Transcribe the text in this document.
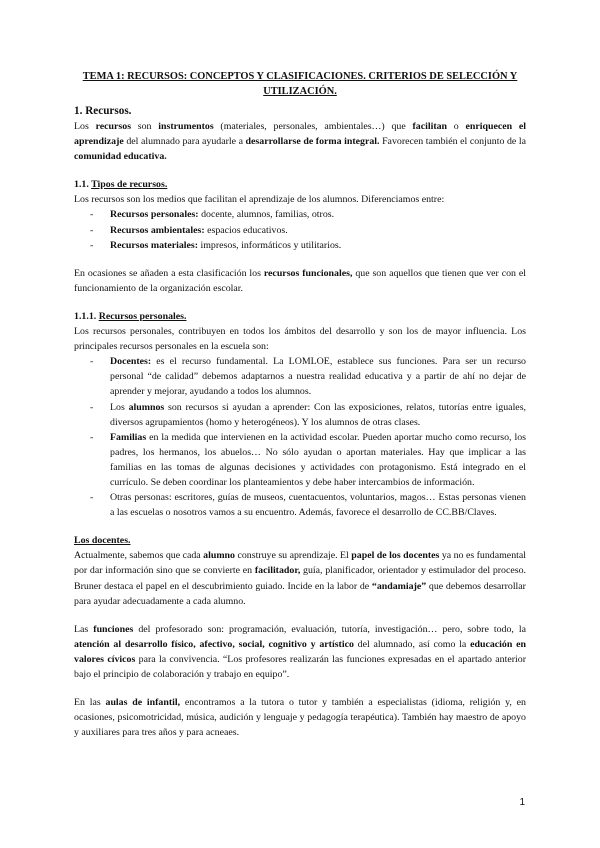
TEMA 1: RECURSOS: CONCEPTOS Y CLASIFICACIONES. CRITERIOS DE SELECCIÓN Y UTILIZACIÓN.
1. Recursos.
Los recursos son instrumentos (materiales, personales, ambientales…) que facilitan o enriquecen el aprendizaje del alumnado para ayudarle a desarrollarse de forma integral. Favorecen también el conjunto de la comunidad educativa.
1.1. Tipos de recursos.
Los recursos son los medios que facilitan el aprendizaje de los alumnos. Diferenciamos entre:
- Recursos personales: docente, alumnos, familias, otros.
- Recursos ambientales: espacios educativos.
- Recursos materiales: impresos, informáticos y utilitarios.
En ocasiones se añaden a esta clasificación los recursos funcionales, que son aquellos que tienen que ver con el funcionamiento de la organización escolar.
1.1.1. Recursos personales.
Los recursos personales, contribuyen en todos los ámbitos del desarrollo y son los de mayor influencia. Los principales recursos personales en la escuela son:
- Docentes: es el recurso fundamental. La LOMLOE, establece sus funciones. Para ser un recurso personal “de calidad” debemos adaptarnos a nuestra realidad educativa y a partir de ahí no dejar de aprender y mejorar, ayudando a todos los alumnos.
- Los alumnos son recursos si ayudan a aprender: Con las exposiciones, relatos, tutorías entre iguales, diversos agrupamientos (homo y heterogéneos). Y los alumnos de otras clases.
- Familias en la medida que intervienen en la actividad escolar. Pueden aportar mucho como recurso, los padres, los hermanos, los abuelos… No sólo ayudan o aportan materiales. Hay que implicar a las familias en las tomas de algunas decisiones y actividades con protagonismo. Está integrado en el currículo. Se deben coordinar los planteamientos y debe haber intercambios de información.
- Otras personas: escritores, guías de museos, cuentacuentos, voluntarios, magos… Estas personas vienen a las escuelas o nosotros vamos a su encuentro. Además, favorece el desarrollo de CC.BB/Claves.
Los docentes.
Actualmente, sabemos que cada alumno construye su aprendizaje. El papel de los docentes ya no es fundamental por dar información sino que se convierte en facilitador, guía, planificador, orientador y estimulador del proceso. Bruner destaca el papel en el descubrimiento guiado. Incide en la labor de “andamiaje” que debemos desarrollar para ayudar adecuadamente a cada alumno.
Las funciones del profesorado son: programación, evaluación, tutoría, investigación… pero, sobre todo, la atención al desarrollo físico, afectivo, social, cognitivo y artístico del alumnado, así como la educación en valores cívicos para la convivencia. “Los profesores realizarán las funciones expresadas en el apartado anterior bajo el principio de colaboración y trabajo en equipo”.
En las aulas de infantil, encontramos a la tutora o tutor y también a especialistas (idioma, religión y, en ocasiones, psicomotricidad, música, audición y lenguaje y pedagogía terapéutica). También hay maestro de apoyo y auxiliares para tres años y para acneaes.
1
